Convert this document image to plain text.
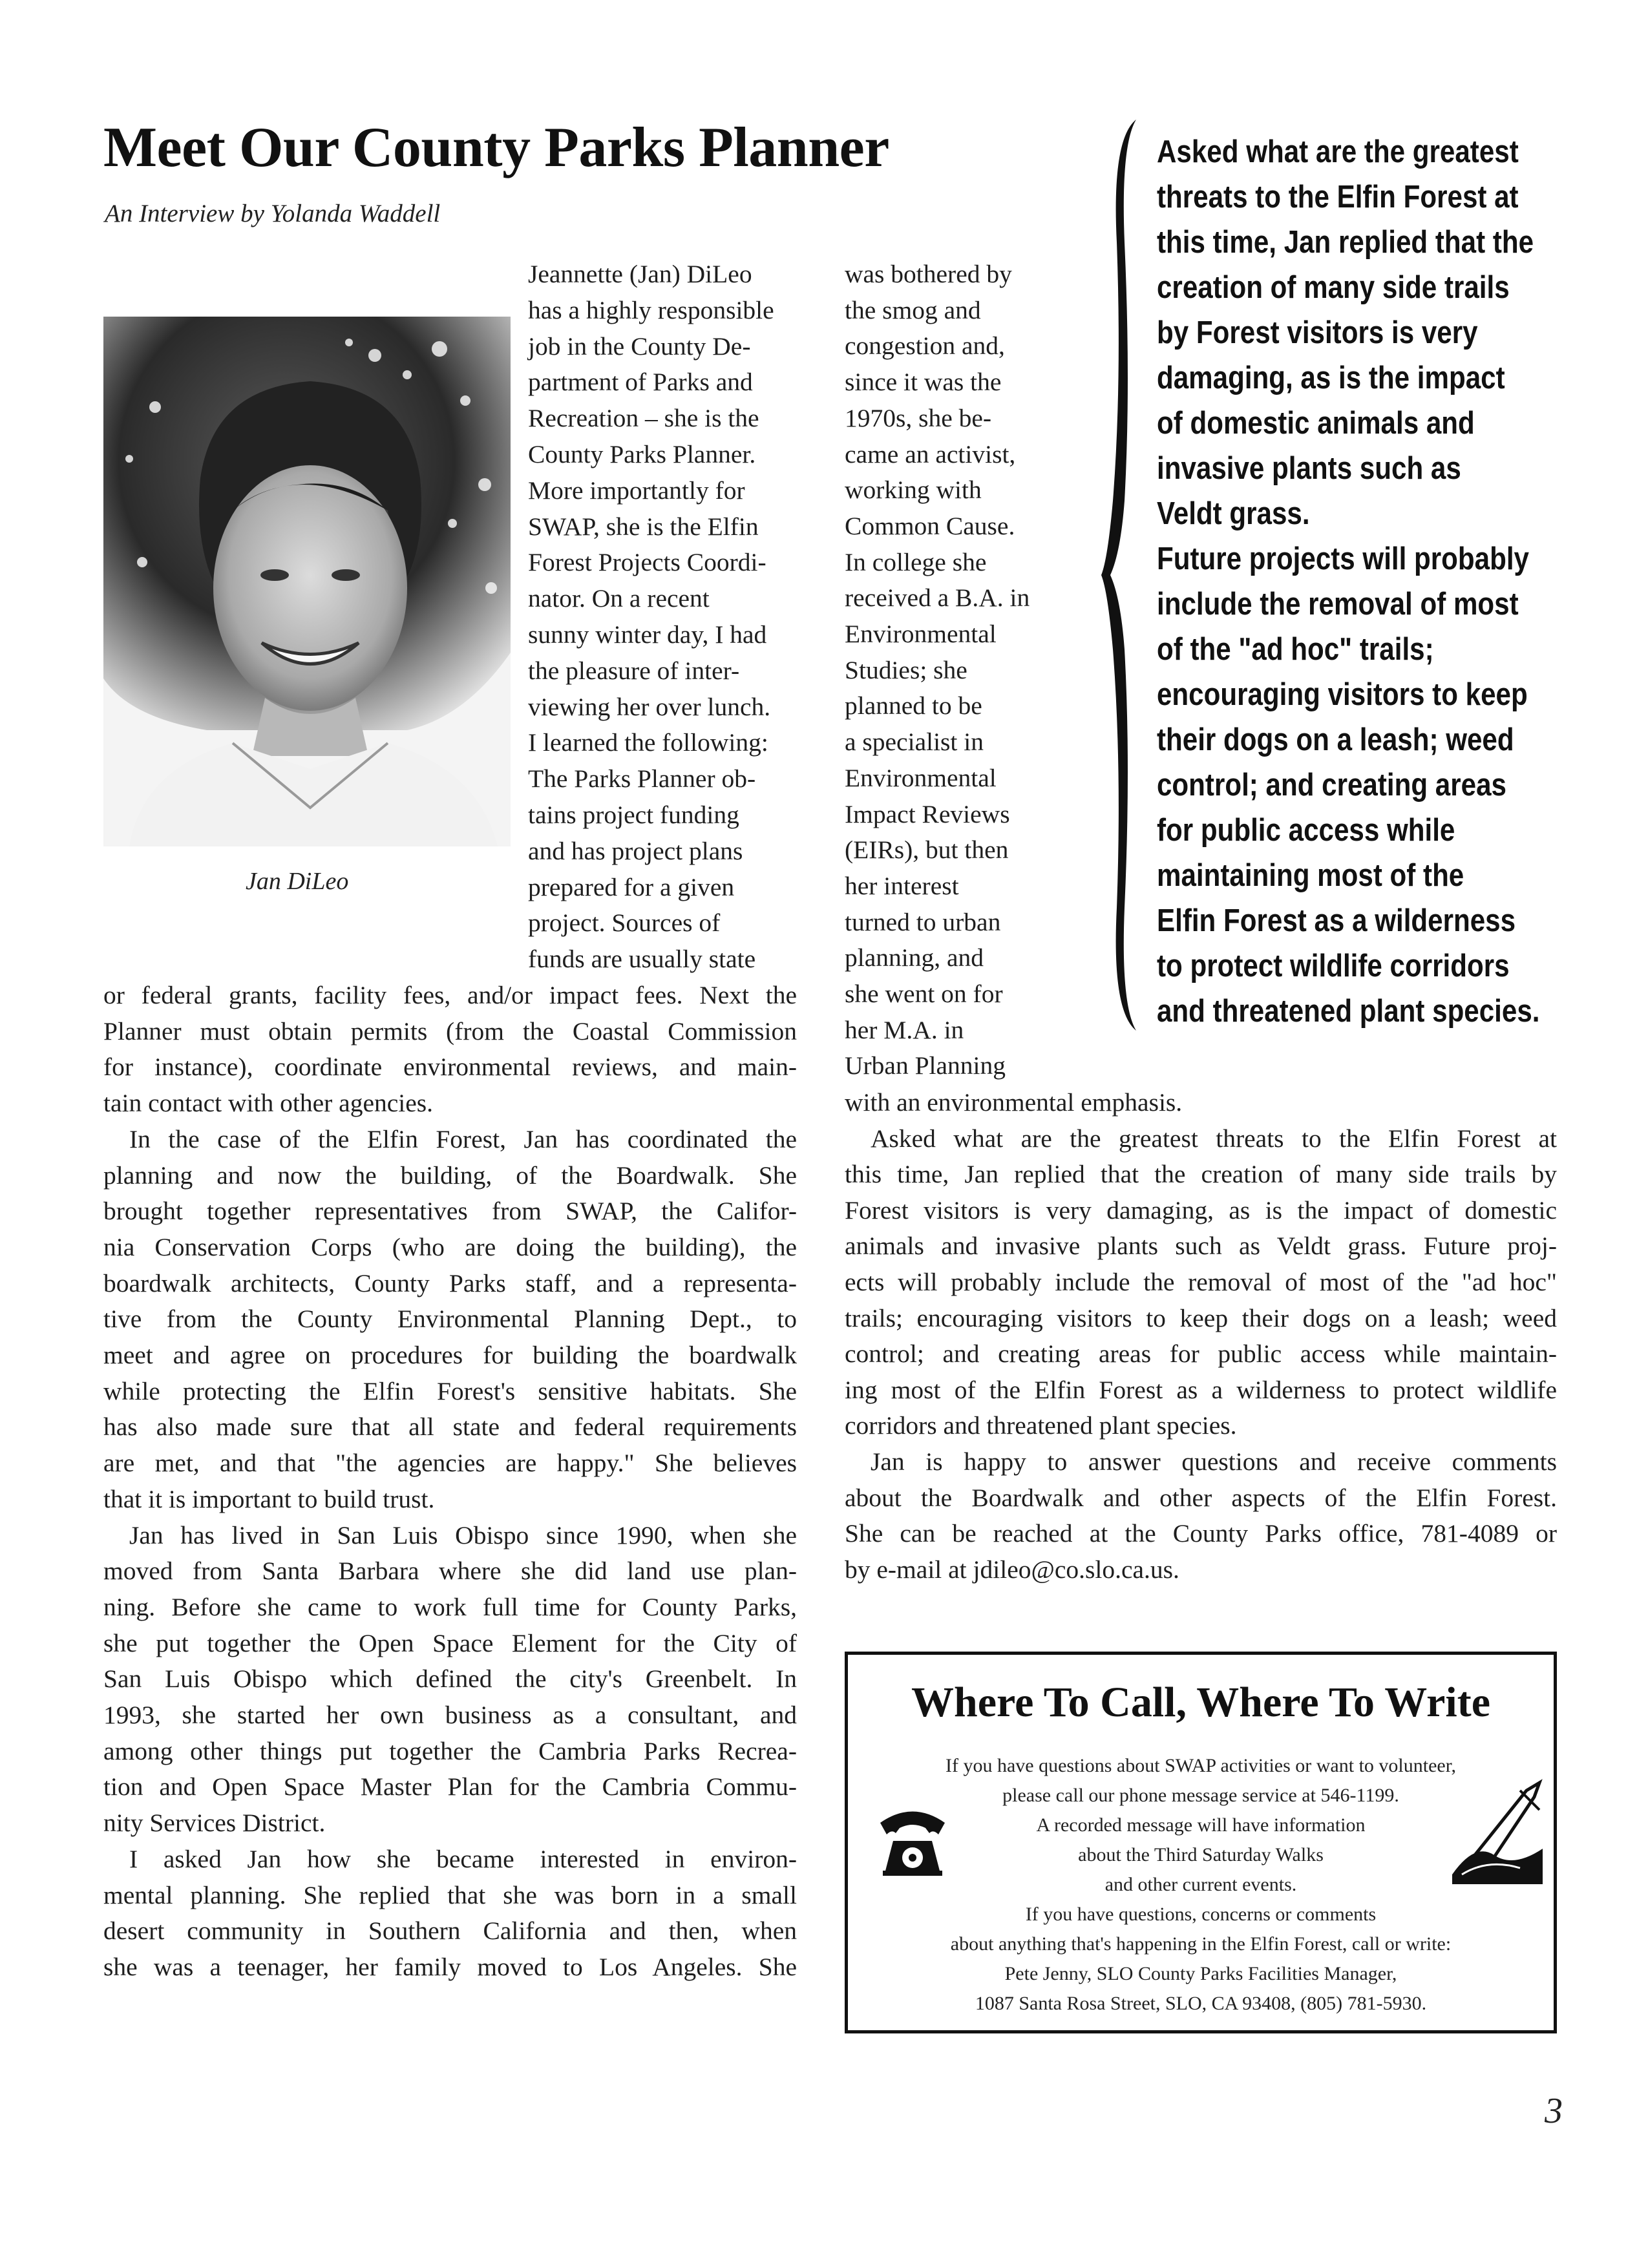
Meet Our County Parks Planner
An Interview by Yolanda Waddell
Jan DiLeo
Jeannette (Jan) DiLeo
has a highly responsible
job in the County De-
partment of Parks and
Recreation – she is the
County Parks Planner.
More importantly for
SWAP, she is the Elfin
Forest Projects Coordi-
nator. On a recent
sunny winter day, I had
the pleasure of inter-
viewing her over lunch.
I learned the following:
The Parks Planner ob-
tains project funding
and has project plans
prepared for a given
project. Sources of
funds are usually state
or federal grants, facility fees, and/or impact fees. Next the
Planner must obtain permits (from the Coastal Commission
for instance), coordinate environmental reviews, and main-
tain contact with other agencies.
In the case of the Elfin Forest, Jan has coordinated the
planning and now the building, of the Boardwalk. She
brought together representatives from SWAP, the Califor-
nia Conservation Corps (who are doing the building), the
boardwalk architects, County Parks staff, and a representa-
tive from the County Environmental Planning Dept., to
meet and agree on procedures for building the boardwalk
while protecting the Elfin Forest's sensitive habitats. She
has also made sure that all state and federal requirements
are met, and that "the agencies are happy." She believes
that it is important to build trust.
Jan has lived in San Luis Obispo since 1990, when she
moved from Santa Barbara where she did land use plan-
ning. Before she came to work full time for County Parks,
she put together the Open Space Element for the City of
San Luis Obispo which defined the city's Greenbelt. In
1993, she started her own business as a consultant, and
among other things put together the Cambria Parks Recrea-
tion and Open Space Master Plan for the Cambria Commu-
nity Services District.
I asked Jan how she became interested in environ-
mental planning. She replied that she was born in a small
desert community in Southern California and then, when
she was a teenager, her family moved to Los Angeles. She
was bothered by
the smog and
congestion and,
since it was the
1970s, she be-
came an activist,
working with
Common Cause.
In college she
received a B.A. in
Environmental
Studies; she
planned to be
a specialist in
Environmental
Impact Reviews
(EIRs), but then
her interest
turned to urban
planning, and
she went on for
her M.A. in
Urban Planning
with an environmental emphasis.
Asked what are the greatest threats to the Elfin Forest at
this time, Jan replied that the creation of many side trails by
Forest visitors is very damaging, as is the impact of domestic
animals and invasive plants such as Veldt grass. Future proj-
ects will probably include the removal of most of the "ad hoc"
trails; encouraging visitors to keep their dogs on a leash; weed
control; and creating areas for public access while maintain-
ing most of the Elfin Forest as a wilderness to protect wildlife
corridors and threatened plant species.
Jan is happy to answer questions and receive comments
about the Boardwalk and other aspects of the Elfin Forest.
She can be reached at the County Parks office, 781-4089 or
by e-mail at jdileo@co.slo.ca.us.
Asked what are the greatest
threats to the Elfin Forest at
this time, Jan replied that the
creation of many side trails
by Forest visitors is very
damaging, as is the impact
of domestic animals and
invasive plants such as
Veldt grass.
Future projects will probably
include the removal of most
of the "ad hoc" trails;
encouraging visitors to keep
their dogs on a leash; weed
control; and creating areas
for public access while
maintaining most of the
Elfin Forest as a wilderness
to protect wildlife corridors
and threatened plant species.
Where To Call, Where To Write
If you have questions about SWAP activities or want to volunteer,
please call our phone message service at 546-1199.
A recorded message will have information
about the Third Saturday Walks
and other current events.
If you have questions, concerns or comments
about anything that's happening in the Elfin Forest, call or write:
Pete Jenny, SLO County Parks Facilities Manager,
1087 Santa Rosa Street, SLO, CA 93408, (805) 781-5930.
3
